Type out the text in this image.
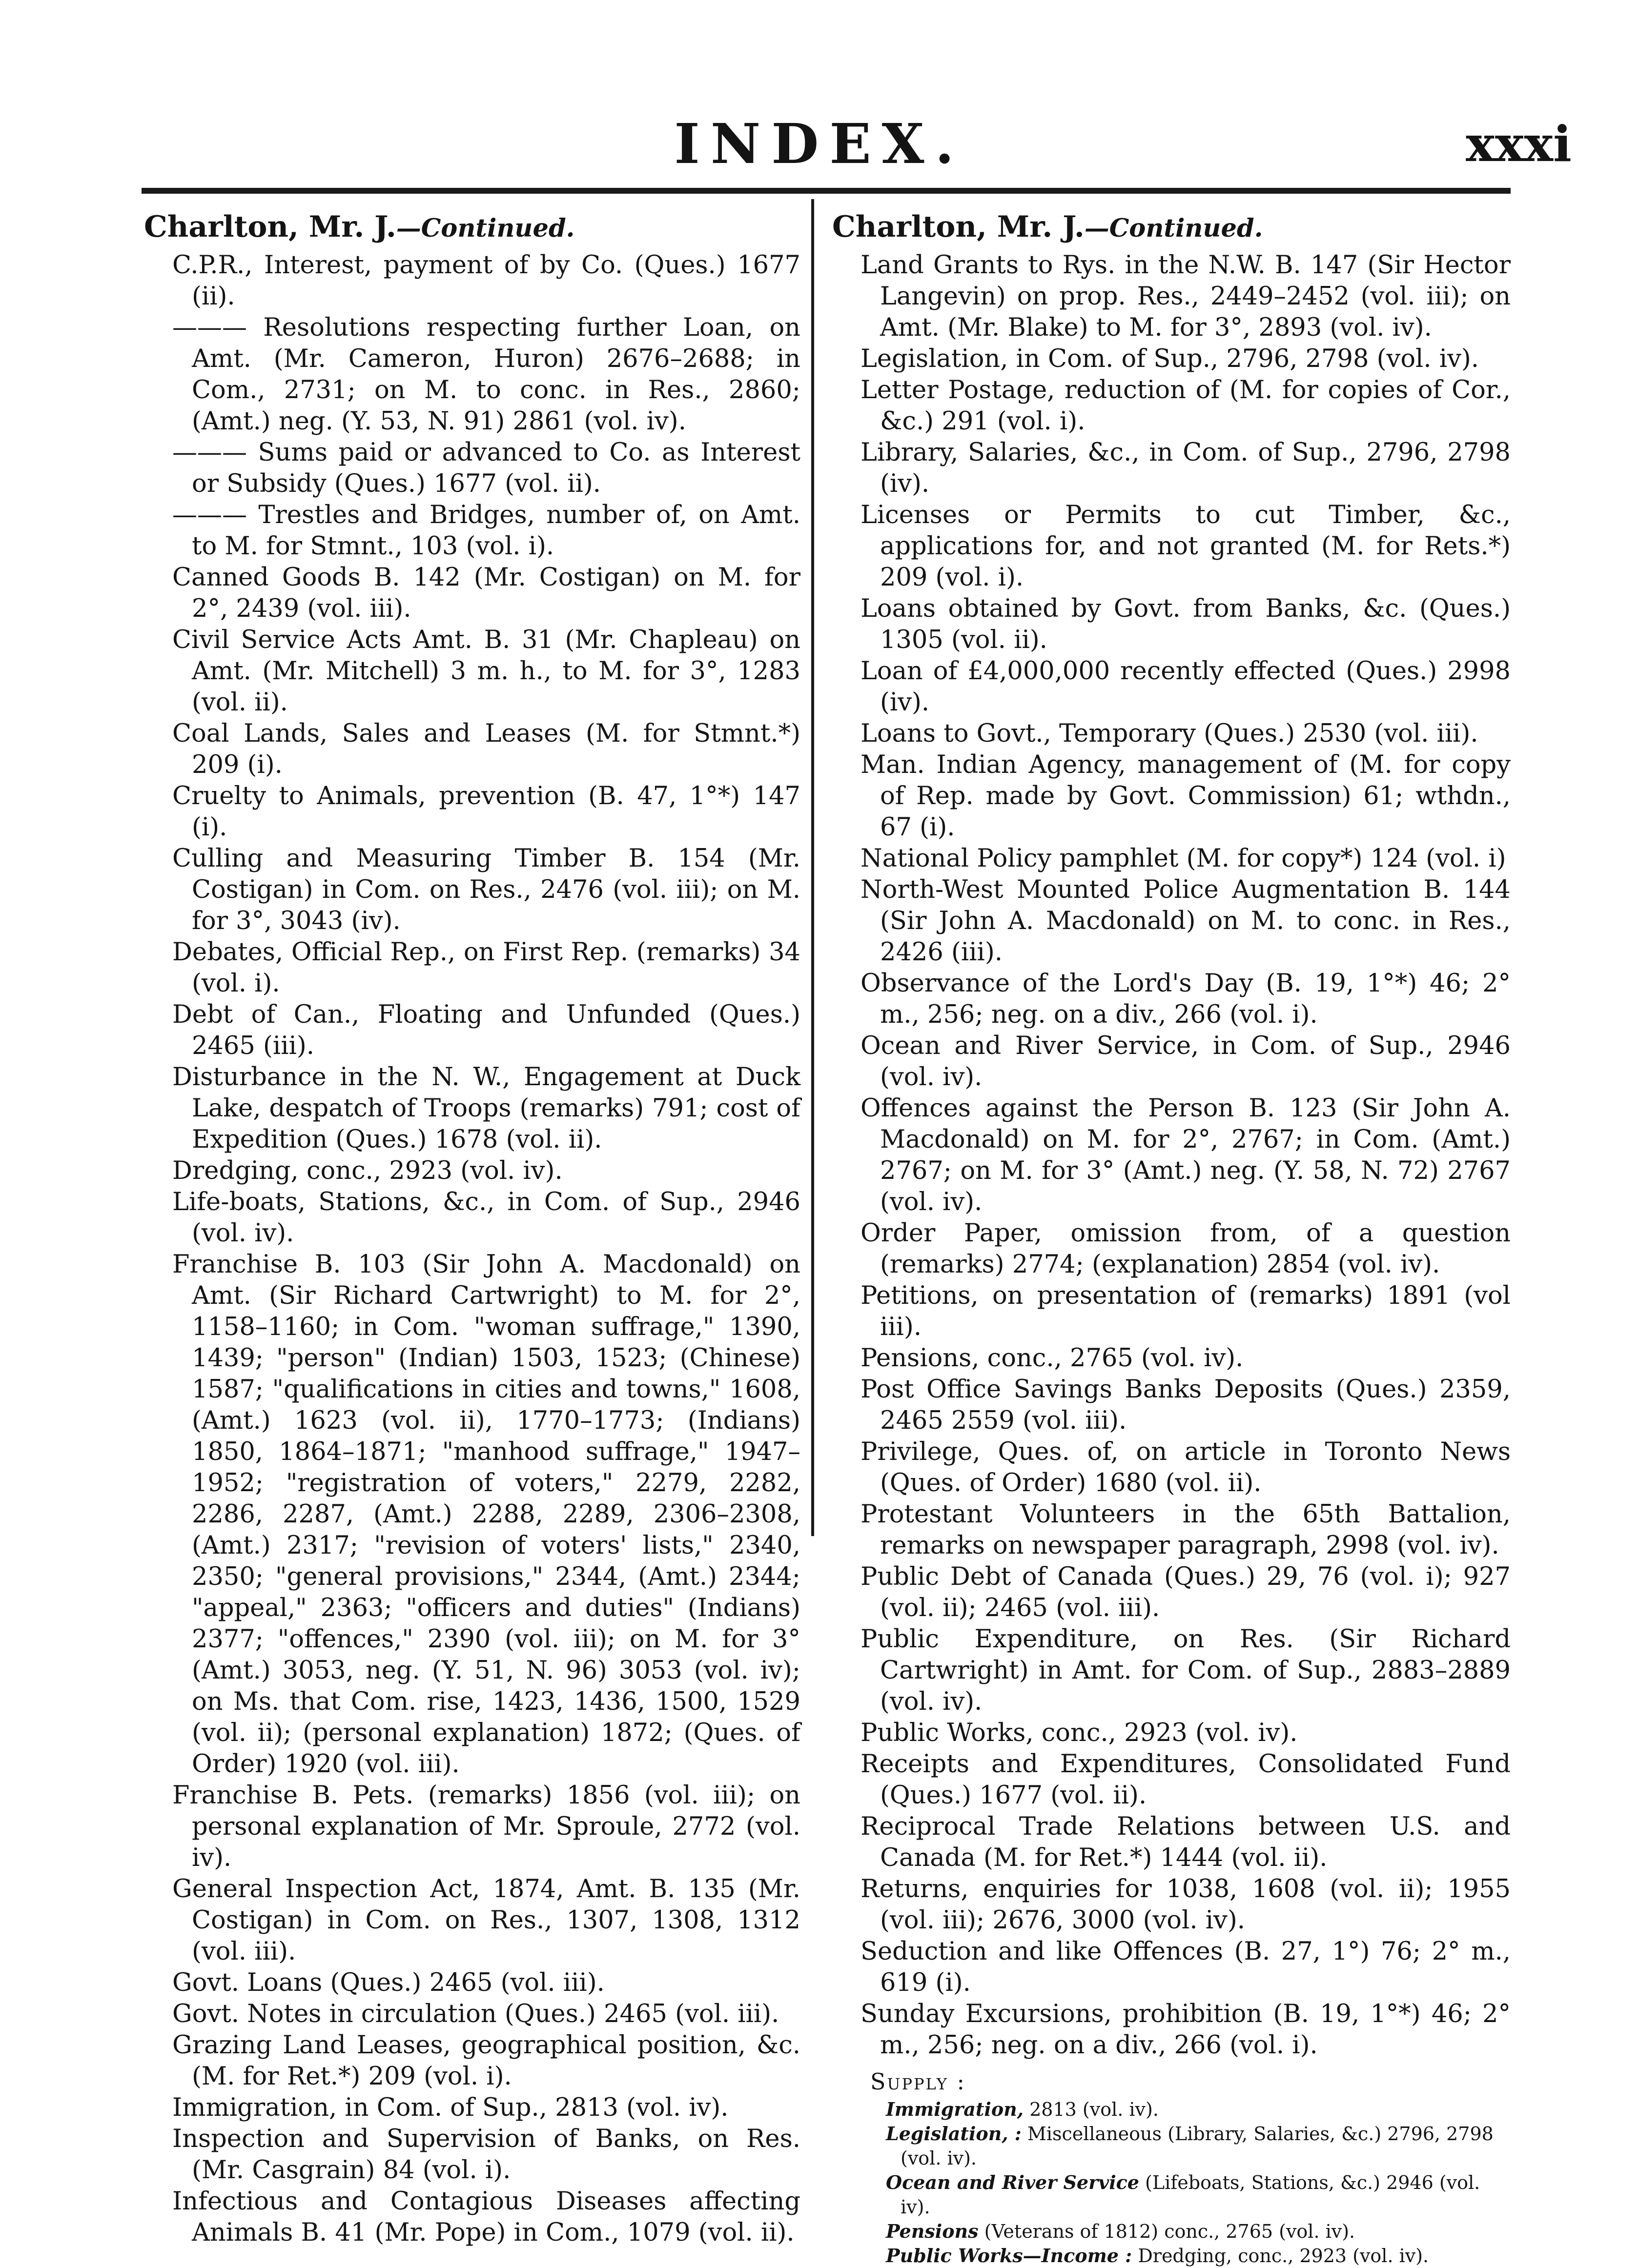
INDEX.	xxxi
Charlton, Mr. J.—Continued.
C.P.R., Interest, payment of by Co. (Ques.) 1677 (ii).
——— Resolutions respecting further Loan, on Amt. (Mr. Cameron, Huron) 2676–2688; in Com., 2731; on M. to conc. in Res., 2860; (Amt.) neg. (Y. 53, N. 91) 2861 (vol. iv).
——— Sums paid or advanced to Co. as Interest or Subsidy (Ques.) 1677 (vol. ii).
——— Trestles and Bridges, number of, on Amt. to M. for Stmnt., 103 (vol. i).
Canned Goods B. 142 (Mr. Costigan) on M. for 2°, 2439 (vol. iii).
Civil Service Acts Amt. B. 31 (Mr. Chapleau) on Amt. (Mr. Mitchell) 3 m. h., to M. for 3°, 1283 (vol. ii).
Coal Lands, Sales and Leases (M. for Stmnt.*) 209 (i).
Cruelty to Animals, prevention (B. 47, 1°*) 147 (i).
Culling and Measuring Timber B. 154 (Mr. Costigan) in Com. on Res., 2476 (vol. iii); on M. for 3°, 3043 (iv).
Debates, Official Rep., on First Rep. (remarks) 34 (vol. i).
Debt of Can., Floating and Unfunded (Ques.) 2465 (iii).
Disturbance in the N. W., Engagement at Duck Lake, despatch of Troops (remarks) 791; cost of Expedition (Ques.) 1678 (vol. ii).
Dredging, conc., 2923 (vol. iv).
Life-boats, Stations, &c., in Com. of Sup., 2946 (vol. iv).
Franchise B. 103 (Sir John A. Macdonald) on Amt. (Sir Richard Cartwright) to M. for 2°, 1158–1160; in Com. "woman suffrage," 1390, 1439; "person" (Indian) 1503, 1523; (Chinese) 1587; "qualifications in cities and towns," 1608, (Amt.) 1623 (vol. ii), 1770–1773; (Indians) 1850, 1864–1871; "manhood suffrage," 1947–1952; "registration of voters," 2279, 2282, 2286, 2287, (Amt.) 2288, 2289, 2306–2308, (Amt.) 2317; "revision of voters' lists," 2340, 2350; "general provisions," 2344, (Amt.) 2344; "appeal," 2363; "officers and duties" (Indians) 2377; "offences," 2390 (vol. iii); on M. for 3° (Amt.) 3053, neg. (Y. 51, N. 96) 3053 (vol. iv); on Ms. that Com. rise, 1423, 1436, 1500, 1529 (vol. ii); (personal explanation) 1872; (Ques. of Order) 1920 (vol. iii).
Franchise B. Pets. (remarks) 1856 (vol. iii); on personal explanation of Mr. Sproule, 2772 (vol. iv).
General Inspection Act, 1874, Amt. B. 135 (Mr. Costigan) in Com. on Res., 1307, 1308, 1312 (vol. iii).
Govt. Loans (Ques.) 2465 (vol. iii).
Govt. Notes in circulation (Ques.) 2465 (vol. iii).
Grazing Land Leases, geographical position, &c. (M. for Ret.*) 209 (vol. i).
Immigration, in Com. of Sup., 2813 (vol. iv).
Inspection and Supervision of Banks, on Res. (Mr. Casgrain) 84 (vol. i).
Infectious and Contagious Diseases affecting Animals B. 41 (Mr. Pope) in Com., 1079 (vol. ii).
Charlton, Mr. J.—Continued.
Land Grants to Rys. in the N.W. B. 147 (Sir Hector Langevin) on prop. Res., 2449–2452 (vol. iii); on Amt. (Mr. Blake) to M. for 3°, 2893 (vol. iv).
Legislation, in Com. of Sup., 2796, 2798 (vol. iv).
Letter Postage, reduction of (M. for copies of Cor., &c.) 291 (vol. i).
Library, Salaries, &c., in Com. of Sup., 2796, 2798 (iv).
Licenses or Permits to cut Timber, &c., applications for, and not granted (M. for Rets.*) 209 (vol. i).
Loans obtained by Govt. from Banks, &c. (Ques.) 1305 (vol. ii).
Loan of £4,000,000 recently effected (Ques.) 2998 (iv).
Loans to Govt., Temporary (Ques.) 2530 (vol. iii).
Man. Indian Agency, management of (M. for copy of Rep. made by Govt. Commission) 61; wthdn., 67 (i).
National Policy pamphlet (M. for copy*) 124 (vol. i)
North-West Mounted Police Augmentation B. 144 (Sir John A. Macdonald) on M. to conc. in Res., 2426 (iii).
Observance of the Lord's Day (B. 19, 1°*) 46; 2° m., 256; neg. on a div., 266 (vol. i).
Ocean and River Service, in Com. of Sup., 2946 (vol. iv).
Offences against the Person B. 123 (Sir John A. Macdonald) on M. for 2°, 2767; in Com. (Amt.) 2767; on M. for 3° (Amt.) neg. (Y. 58, N. 72) 2767 (vol. iv).
Order Paper, omission from, of a question (remarks) 2774; (explanation) 2854 (vol. iv).
Petitions, on presentation of (remarks) 1891 (vol iii).
Pensions, conc., 2765 (vol. iv).
Post Office Savings Banks Deposits (Ques.) 2359, 2465 2559 (vol. iii).
Privilege, Ques. of, on article in Toronto News (Ques. of Order) 1680 (vol. ii).
Protestant Volunteers in the 65th Battalion, remarks on newspaper paragraph, 2998 (vol. iv).
Public Debt of Canada (Ques.) 29, 76 (vol. i); 927 (vol. ii); 2465 (vol. iii).
Public Expenditure, on Res. (Sir Richard Cartwright) in Amt. for Com. of Sup., 2883–2889 (vol. iv).
Public Works, conc., 2923 (vol. iv).
Receipts and Expenditures, Consolidated Fund (Ques.) 1677 (vol. ii).
Reciprocal Trade Relations between U.S. and Canada (M. for Ret.*) 1444 (vol. ii).
Returns, enquiries for 1038, 1608 (vol. ii); 1955 (vol. iii); 2676, 3000 (vol. iv).
Seduction and like Offences (B. 27, 1°) 76; 2° m., 619 (i).
Sunday Excursions, prohibition (B. 19, 1°*) 46; 2° m., 256; neg. on a div., 266 (vol. i).
Supply :
Immigration, 2813 (vol. iv).
Legislation, : Miscellaneous (Library, Salaries, &c.) 2796, 2798 (vol. iv).
Ocean and River Service (Lifeboats, Stations, &c.) 2946 (vol. iv).
Pensions (Veterans of 1812) conc., 2765 (vol. iv).
Public Works—Income : Dredging, conc., 2923 (vol. iv).
